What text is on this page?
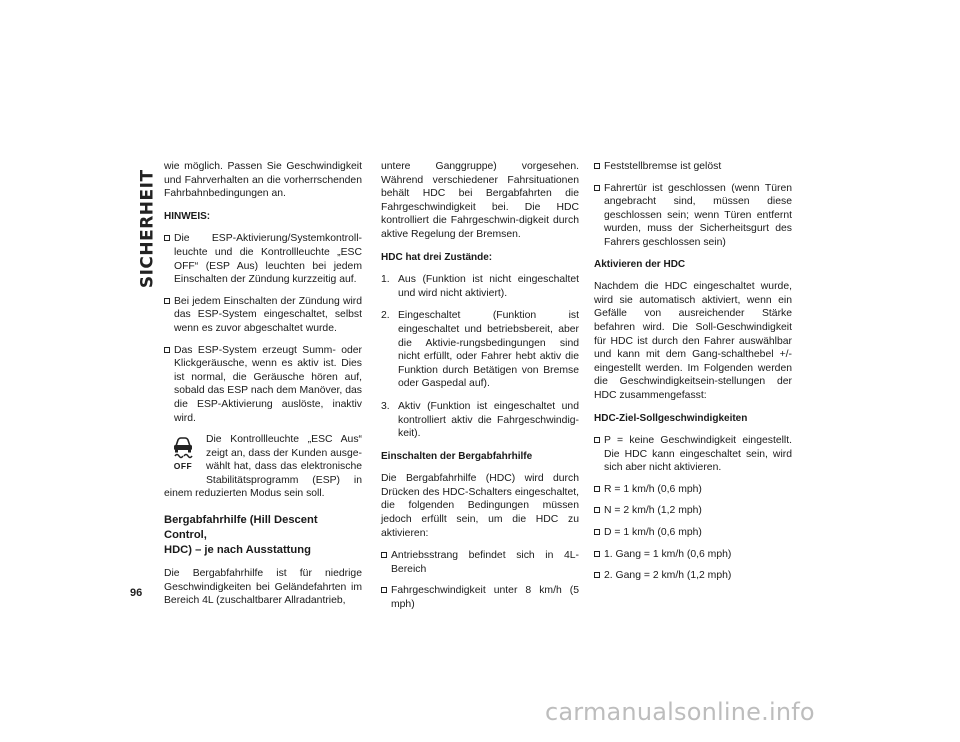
SICHERHEIT
96

wie möglich. Passen Sie Geschwindigkeit und Fahrverhalten an die vorherrschenden Fahrbahnbedingungen an.

HINWEIS:
Die ESP-Aktivierung/Systemkontroll-leuchte und die Kontrollleuchte „ESC OFF“ (ESP Aus) leuchten bei jedem Einschalten der Zündung kurzzeitig auf.
Bei jedem Einschalten der Zündung wird das ESP-System eingeschaltet, selbst wenn es zuvor abgeschaltet wurde.
Das ESP-System erzeugt Summ- oder Klickgeräusche, wenn es aktiv ist. Dies ist normal, die Geräusche hören auf, sobald das ESP nach dem Manöver, das die ESP-Aktivierung auslöste, inaktiv wird.
OFF
Die Kontrollleuchte „ESC Aus“ zeigt an, dass der Kunden ausge-wählt hat, dass das elektronische Stabilitätsprogramm (ESP) in einem reduzierten Modus sein soll.
Bergabfahrhilfe (Hill Descent Control,
HDC) – je nach Ausstattung

Die Bergabfahrhilfe ist für niedrige Geschwindigkeiten bei Geländefahrten im Bereich 4L (zuschaltbarer Allradantrieb,

untere Ganggruppe) vorgesehen. Während verschiedener Fahrsituationen behält HDC bei Bergabfahrten die Fahrgeschwindigkeit bei. Die HDC kontrolliert die Fahrgeschwin-digkeit durch aktive Regelung der Bremsen.

HDC hat drei Zustände:
1. Aus (Funktion ist nicht eingeschaltet und wird nicht aktiviert).
2. Eingeschaltet (Funktion ist eingeschaltet und betriebsbereit, aber die Aktivie-rungsbedingungen sind nicht erfüllt, oder Fahrer hebt aktiv die Funktion durch Betätigen von Bremse oder Gaspedal auf).
3. Aktiv (Funktion ist eingeschaltet und kontrolliert aktiv die Fahrgeschwindig-keit).
Einschalten der Bergabfahrhilfe

Die Bergabfahrhilfe (HDC) wird durch Drücken des HDC-Schalters eingeschaltet, die folgenden Bedingungen müssen jedoch erfüllt sein, um die HDC zu aktivieren:

Antriebsstrang befindet sich in 4L-Bereich
Fahrgeschwindigkeit unter 8 km/h (5 mph)
Feststellbremse ist gelöst
Fahrertür ist geschlossen (wenn Türen angebracht sind, müssen diese geschlossen sein; wenn Türen entfernt wurden, muss der Sicherheitsgurt des Fahrers geschlossen sein)
Aktivieren der HDC

Nachdem die HDC eingeschaltet wurde, wird sie automatisch aktiviert, wenn ein Gefälle von ausreichender Stärke befahren wird. Die Soll-Geschwindigkeit für HDC ist durch den Fahrer auswählbar und kann mit dem Gang-schalthebel +/- eingestellt werden. Im Folgenden werden die Geschwindigkeitsein-stellungen der HDC zusammengefasst:

HDC-Ziel-Sollgeschwindigkeiten
P = keine Geschwindigkeit eingestellt. Die HDC kann eingeschaltet sein, wird sich aber nicht aktivieren.
R = 1 km/h (0,6 mph)
N = 2 km/h (1,2 mph)
D = 1 km/h (0,6 mph)
1. Gang = 1 km/h (0,6 mph)
2. Gang = 2 km/h (1,2 mph)
carmanualsonline.info
